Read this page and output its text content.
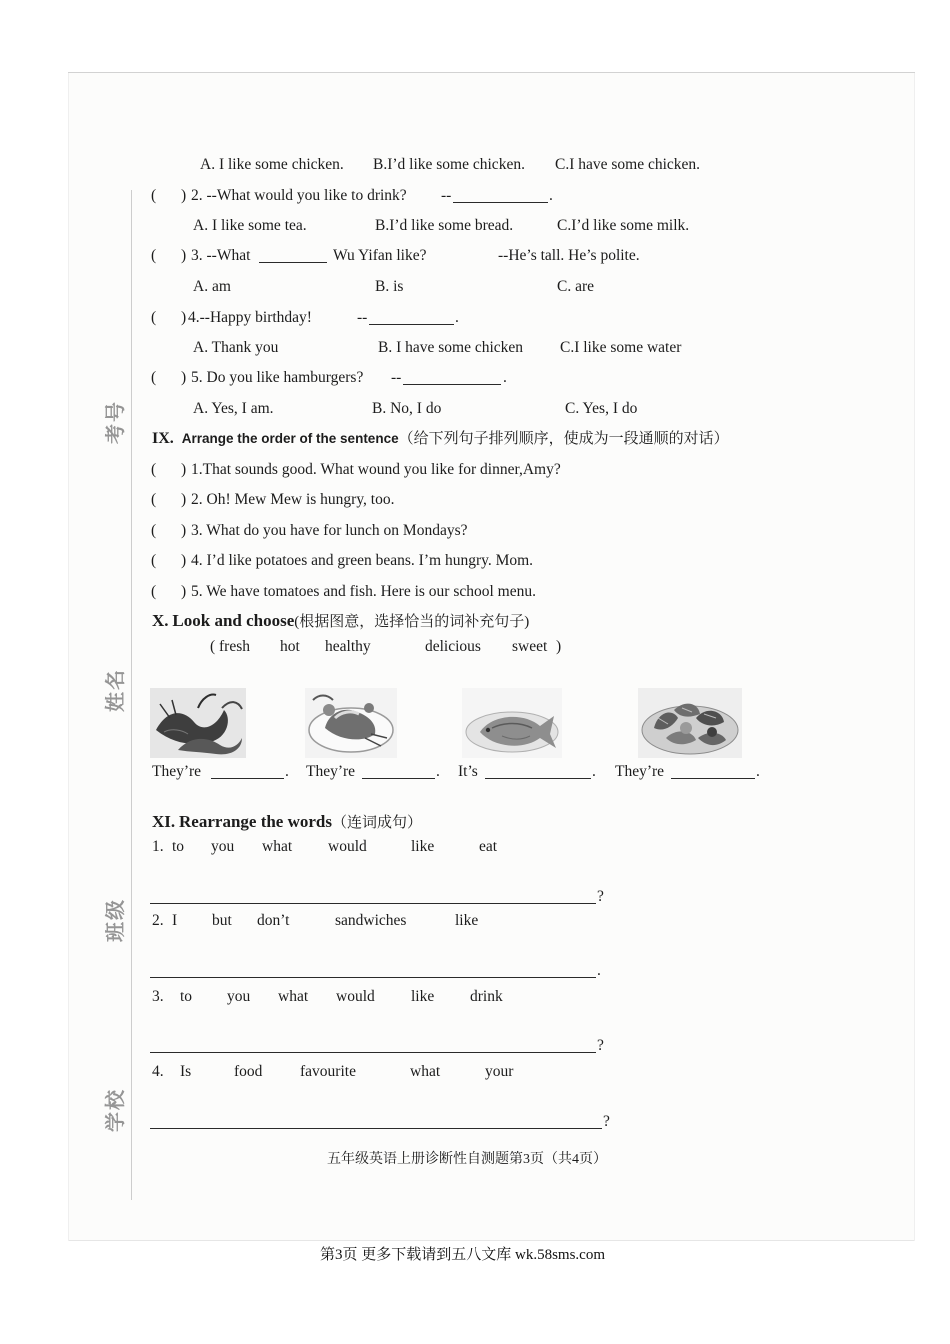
考号
姓名
班级
学校
A. I like some chicken. B.I’d like some chicken. C.I have some chicken.
( ) 2. --What would you like to drink? --	.
A. I like some tea.	B.I’d like some bread.	C.I’d like some milk.
( ) 3. --What	Wu Yifan like?	--He’s tall. He’s polite.
A. am	B. is	C. are
( ) 4.--Happy birthday!	--	.
A. Thank you	B. I have some chicken C.I like some water
( ) 5. Do you like hamburgers? --	.
A. Yes, I am.	B. No, I do	C. Yes, I do
IX. Arrange the order of the sentence（给下列句子排列顺序，使成为一段通顺的对话）
( ) 1.That sounds good. What wound you like for dinner,Amy?
( ) 2. Oh! Mew Mew is hungry, too.
( ) 3. What do you have for lunch on Mondays?
( ) 4. I’d like potatoes and green beans. I’m hungry. Mom.
( ) 5. We have tomatoes and fish. Here is our school menu.
X. Look and choose(根据图意，选择恰当的词补充句子)
( fresh hot healthy	delicious sweet )
They’re	. They’re	. It’s	. They’re	.
XI. Rearrange the words（连词成句）
1. to you what would	like	eat
?
2. I but don’t	sandwiches	like
.
3. to you what would like drink
?
4. Is	food favourite	what	your
?
五年级英语上册诊断性自测题第3页（共4页）
第3页 更多下载请到五八文库 wk.58sms.com
